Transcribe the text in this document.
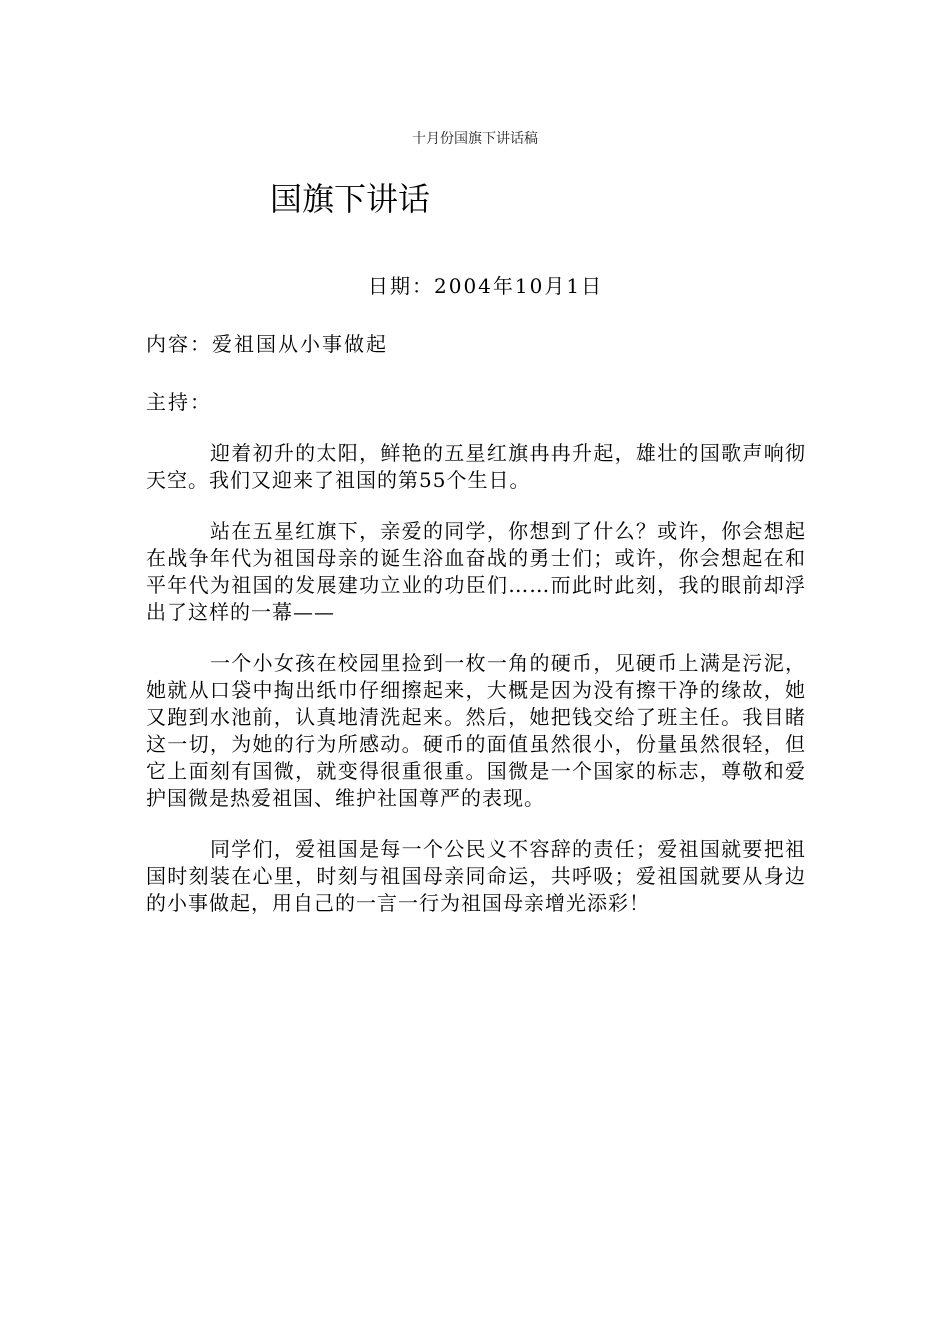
十月份国旗下讲话稿
国旗下讲话
日期：2004年10月1日
内容：爱祖国从小事做起
主持：

迎着初升的太阳，鲜艳的五星红旗冉冉升起，雄壮的国歌声响彻天空。我们又迎来了祖国的第55个生日。

站在五星红旗下，亲爱的同学，你想到了什么？或许，你会想起在战争年代为祖国母亲的诞生浴血奋战的勇士们；或许，你会想起在和平年代为祖国的发展建功立业的功臣们……而此时此刻，我的眼前却浮出了这样的一幕——

一个小女孩在校园里捡到一枚一角的硬币，见硬币上满是污泥，她就从口袋中掏出纸巾仔细擦起来，大概是因为没有擦干净的缘故，她又跑到水池前，认真地清洗起来。然后，她把钱交给了班主任。我目睹这一切，为她的行为所感动。硬币的面值虽然很小，份量虽然很轻，但它上面刻有国微，就变得很重很重。国微是一个国家的标志，尊敬和爱护国微是热爱祖国、维护社国尊严的表现。

同学们，爱祖国是每一个公民义不容辞的责任；爱祖国就要把祖国时刻装在心里，时刻与祖国母亲同命运，共呼吸；爱祖国就要从身边的小事做起，用自己的一言一行为祖国母亲增光添彩！
